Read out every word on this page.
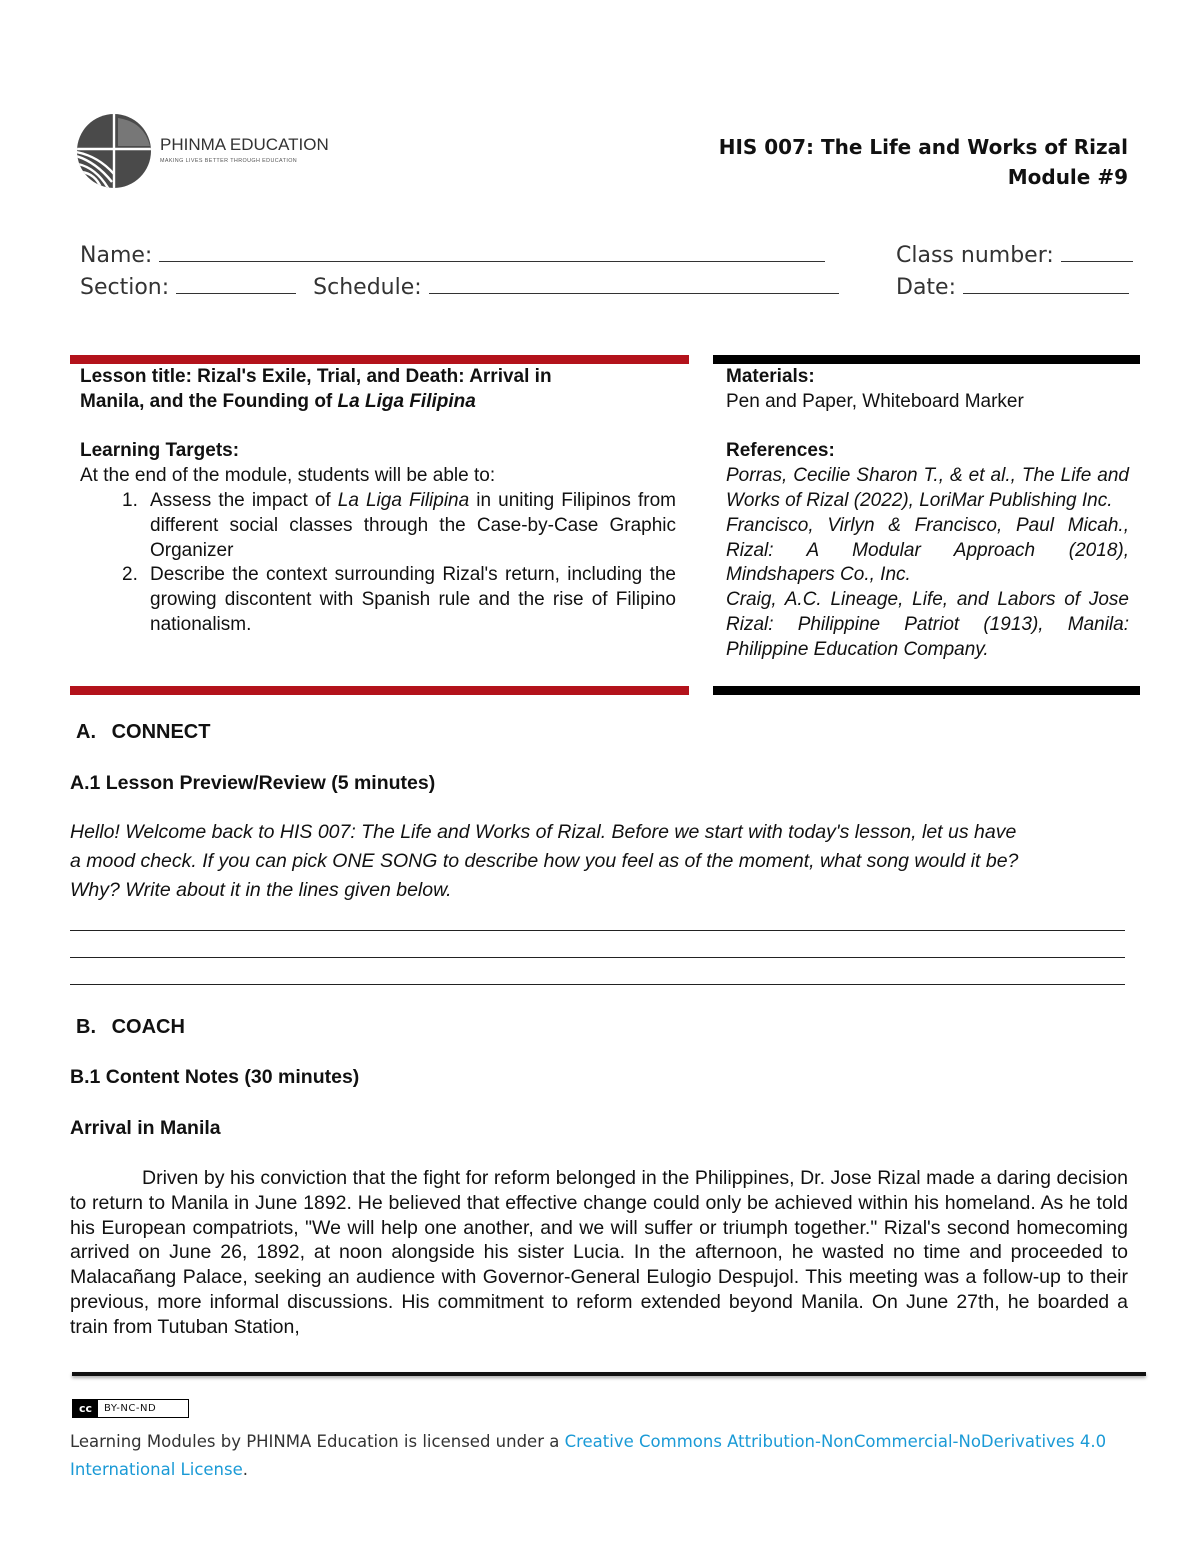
PHINMA EDUCATION
MAKING LIVES BETTER THROUGH EDUCATION
HIS 007: The Life and Works of Rizal
Module #9
Name:	Class number:
Section:	Schedule:	Date:
Lesson title: Rizal's Exile, Trial, and Death: Arrival in
Manila, and the Founding of La Liga Filipina
Learning Targets:
At the end of the module, students will be able to:
1. Assess the impact of La Liga Filipina in uniting Filipinos from different social classes through the Case-by-Case Graphic Organizer
2. Describe the context surrounding Rizal's return, including the growing discontent with Spanish rule and the rise of Filipino nationalism.
Materials:
Pen and Paper, Whiteboard Marker
References:
Porras, Cecilie Sharon T., & et al., The Life and Works of Rizal (2022), LoriMar Publishing Inc.
Francisco, Virlyn & Francisco, Paul Micah., Rizal: A Modular Approach (2018), Mindshapers Co., Inc.
Craig, A.C. Lineage, Life, and Labors of Jose Rizal: Philippine Patriot (1913), Manila: Philippine Education Company.
A. CONNECT
A.1 Lesson Preview/Review (5 minutes)
Hello! Welcome back to HIS 007: The Life and Works of Rizal. Before we start with today's lesson, let us have
a mood check. If you can pick ONE SONG to describe how you feel as of the moment, what song would it be?
Why? Write about it in the lines given below.
B. COACH
B.1 Content Notes (30 minutes)
Arrival in Manila
Driven by his conviction that the fight for reform belonged in the Philippines, Dr. Jose Rizal made a daring decision to return to Manila in June 1892. He believed that effective change could only be achieved within his homeland. As he told his European compatriots, "We will help one another, and we will suffer or triumph together." Rizal's second homecoming arrived on June 26, 1892, at noon alongside his sister Lucia. In the afternoon, he wasted no time and proceeded to Malacañang Palace, seeking an audience with Governor-General Eulogio Despujol. This meeting was a follow-up to their previous, more informal discussions. His commitment to reform extended beyond Manila. On June 27th, he boarded a train from Tutuban Station,
cc	BY-NC-ND
Learning Modules by PHINMA Education is licensed under a Creative Commons Attribution-NonCommercial-NoDerivatives 4.0 International License.
